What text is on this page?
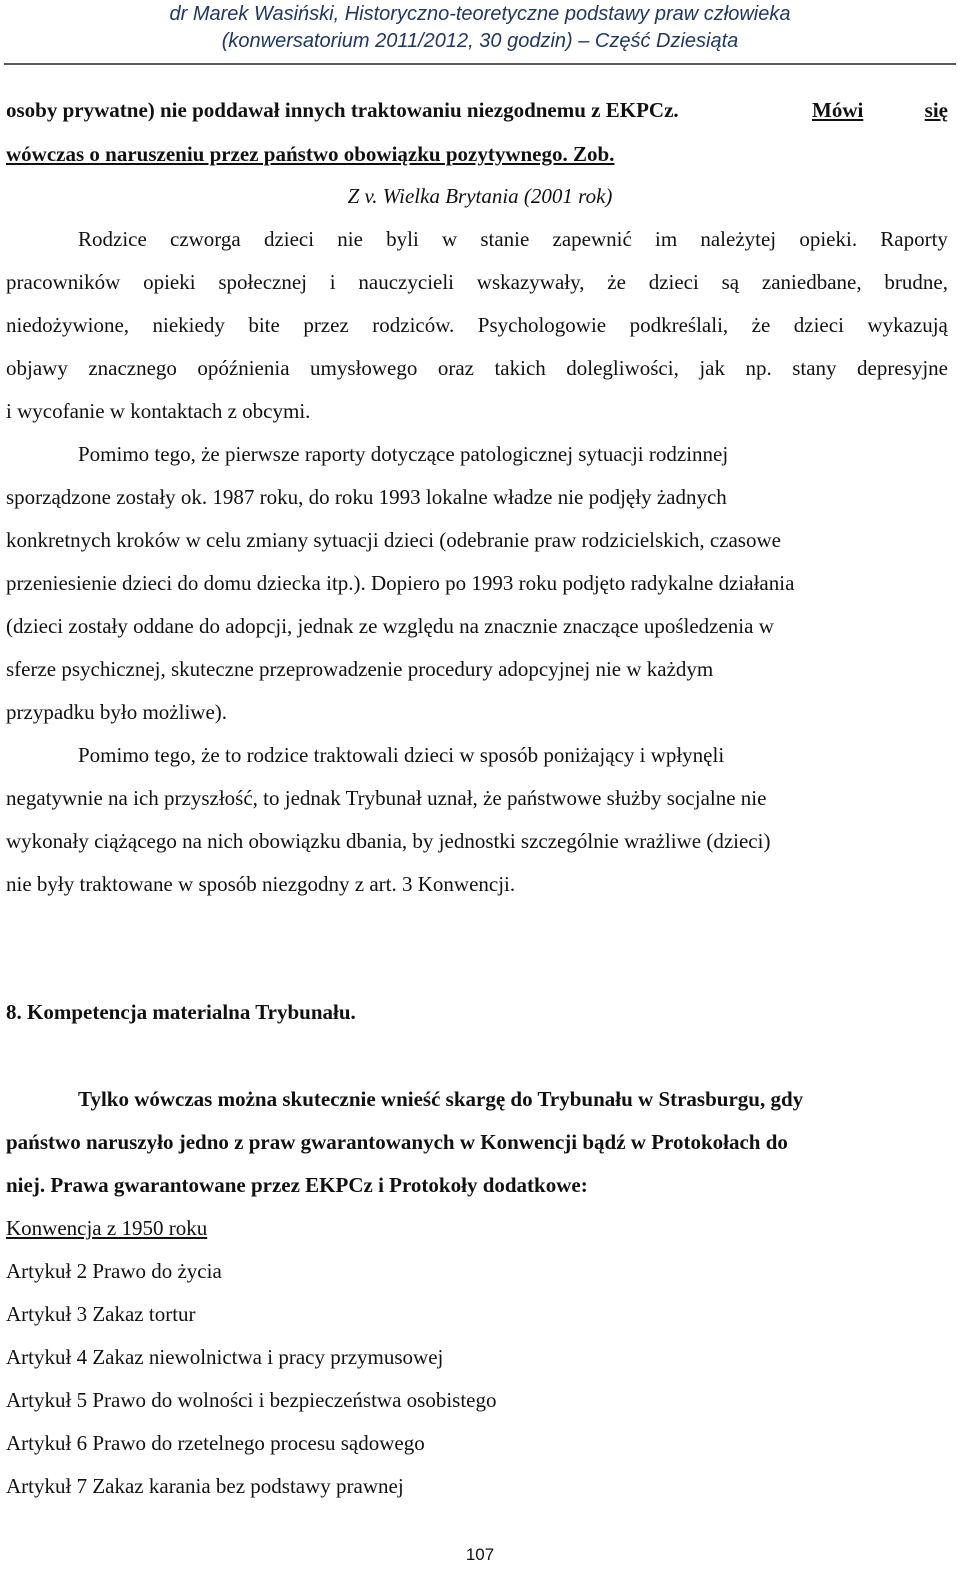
dr Marek Wasiński, Historyczno-teoretyczne podstawy praw człowieka
(konwersatorium 2011/2012, 30 godzin) – Część Dziesiąta
osoby prywatne) nie poddawał innych traktowaniu niezgodnemu z EKPCz.	Mówi	się
wówczas o naruszeniu przez państwo obowiązku pozytywnego. Zob.
Z v. Wielka Brytania (2001 rok)
Rodzice czworga dzieci nie byli w stanie zapewnić im należytej opieki. Raporty
pracowników opieki społecznej i nauczycieli wskazywały, że dzieci są zaniedbane, brudne,
niedożywione, niekiedy bite przez rodziców. Psychologowie podkreślali, że dzieci wykazują
objawy znacznego opóźnienia umysłowego oraz takich dolegliwości, jak np. stany depresyjne
i wycofanie w kontaktach z obcymi.
Pomimo tego, że pierwsze raporty dotyczące patologicznej sytuacji rodzinnej
sporządzone zostały ok. 1987 roku, do roku 1993 lokalne władze nie podjęły żadnych
konkretnych kroków w celu zmiany sytuacji dzieci (odebranie praw rodzicielskich, czasowe
przeniesienie dzieci do domu dziecka itp.). Dopiero po 1993 roku podjęto radykalne działania
(dzieci zostały oddane do adopcji, jednak ze względu na znacznie znaczące upośledzenia w
sferze psychicznej, skuteczne przeprowadzenie procedury adopcyjnej nie w każdym
przypadku było możliwe).
Pomimo tego, że to rodzice traktowali dzieci w sposób poniżający i wpłynęli
negatywnie na ich przyszłość, to jednak Trybunał uznał, że państwowe służby socjalne nie
wykonały ciążącego na nich obowiązku dbania, by jednostki szczególnie wrażliwe (dzieci)
nie były traktowane w sposób niezgodny z art. 3 Konwencji.
8. Kompetencja materialna Trybunału.
Tylko wówczas można skutecznie wnieść skargę do Trybunału w Strasburgu, gdy
państwo naruszyło jedno z praw gwarantowanych w Konwencji bądź w Protokołach do
niej. Prawa gwarantowane przez EKPCz i Protokoły dodatkowe:
Konwencja z 1950 roku
Artykuł 2 Prawo do życia
Artykuł 3 Zakaz tortur
Artykuł 4 Zakaz niewolnictwa i pracy przymusowej
Artykuł 5 Prawo do wolności i bezpieczeństwa osobistego
Artykuł 6 Prawo do rzetelnego procesu sądowego
Artykuł 7 Zakaz karania bez podstawy prawnej
107
